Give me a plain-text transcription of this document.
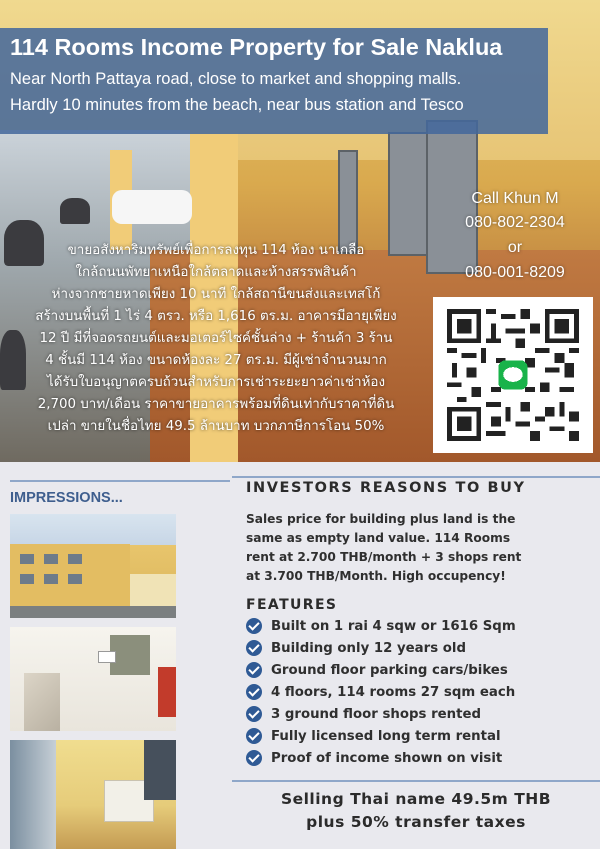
114 Rooms Income Property for Sale Naklua
Near North Pattaya road, close to market and shopping malls.
Hardly 10 minutes from the beach, near bus station and Tesco
Call Khun M
080-802-2304
or
080-001-8209
ขายอสังหาริมทรัพย์เพื่อการลงทุน 114 ห้อง นาเกลือ
ใกล้ถนนพัทยาเหนือใกล้ตลาดและห้างสรรพสินค้า
ห่างจากชายหาดเพียง 10 นาที ใกล้สถานีขนส่งและเทสโก้
สร้างบนพื้นที่ 1 ไร่ 4 ตรว. หรือ 1,616 ตร.ม. อาคารมีอายุเพียง
12 ปี มีที่จอดรถยนต์และมอเตอร์ไซค์ชั้นล่าง + ร้านค้า 3 ร้าน
4 ชั้นมี 114 ห้อง ขนาดห้องละ 27 ตร.ม. มีผู้เช่าจำนวนมาก
ได้รับใบอนุญาตครบถ้วนสำหรับการเช่าระยะยาวค่าเช่าห้อง
2,700 บาท/เดือน ราคาขายอาคารพร้อมที่ดินเท่ากับราคาที่ดิน
เปล่า ขายในชื่อไทย 49.5 ล้านบาท บวกภาษีการโอน 50%
IMPRESSIONS...
INVESTORS REASONS TO BUY
Sales price for building plus land is the
same as empty land value. 114 Rooms
rent at 2.700 THB/month + 3 shops rent
at 3.700 THB/Month. High occupency!
FEATURES
Built on 1 rai 4 sqw or 1616 Sqm
Building only 12 years old
Ground floor parking cars/bikes
4 floors, 114 rooms 27 sqm each
3 ground floor shops rented
Fully licensed long term rental
Proof of income shown on visit
Selling Thai name 49.5m THB
plus 50% transfer taxes
